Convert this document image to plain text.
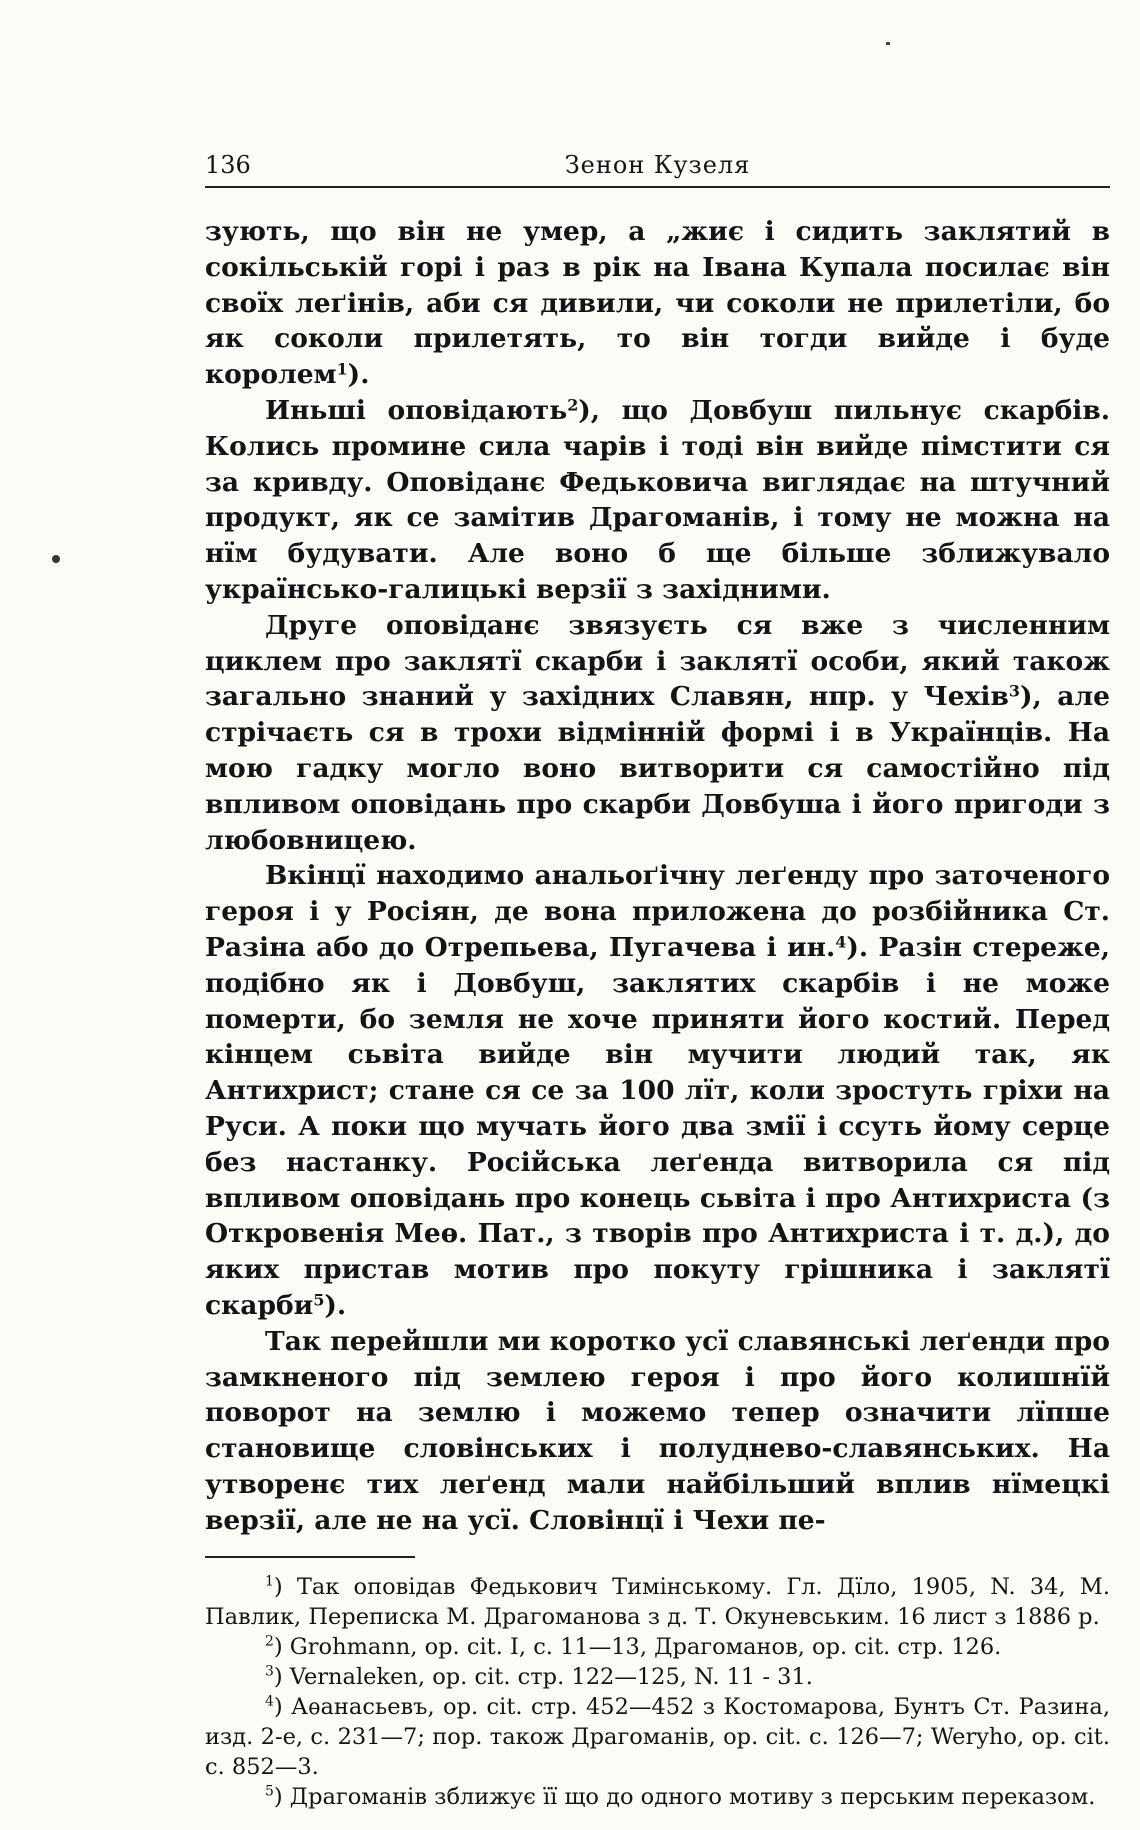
136	Зенон Кузеля

зують, що він не умер, а „жиє і сидить заклятий в сокільській горі і раз в рік на Івана Купала посилає він своїх леґінів, аби ся дивили, чи соколи не прилетіли, бо як соколи прилетять, то він тогди вийде і буде королем$^1$).

Иньші оповідають$^2$), що Довбуш пильнує скарбів. Колись промине сила чарів і тоді він вийде пімстити ся за кривду. Оповіданє Федьковича виглядає на штучний продукт, як се замітив Драгоманів, і тому не можна на нїм будувати. Але воно б ще більше зближувало українсько-галицькі верзії з західними.

Друге оповіданє звязуєть ся вже з численним циклем про заклятї скарби і заклятї особи, який також загально знаний у західних Славян, нпр. у Чехів$^3$), але стрічаєть ся в трохи відмінній формі і в Українців. На мою гадку могло воно витворити ся самостійно під впливом оповідань про скарби Довбуша і його пригоди з любовницею.

Вкінцї находимо анальоґічну леґенду про заточеного героя і у Росіян, де вона приложена до розбійника Ст. Разіна або до Отрепьева, Пугачева і ин.$^4$). Разін стереже, подібно як і Довбуш, заклятих скарбів і не може померти, бо земля не хоче приняти його костий. Перед кінцем сьвіта вийде він мучити людий так, як Антихрист; стане ся се за 100 лїт, коли зростуть гріхи на Руси. А поки що мучать його два змії і ссуть йому серце без настанку. Російська леґенда витворила ся під впливом оповідань про конець сьвіта і про Антихриста (з Откровенія Меѳ. Пат., з творів про Антихриста і т. д.), до яких пристав мотив про покуту грішника і заклятї скарби$^5$).

Так перейшли ми коротко усї славянські леґенди про замкненого під землею героя і про його колишнїй поворот на землю і можемо тепер означити лїпше становище словінських і полуднево-славянських. На утворенє тих леґенд мали найбільший вплив нїмецкі верзії, але не на усї. Словінцї і Чехи пе-

$^1$) Так оповідав Федькович Тимінському. Гл. Дїло, 1905, N. 34, М. Павлик, Переписка М. Драгоманова з д. Т. Окуневським. 16 лист з 1886 р.

$^2$) Grohmann, op. cit. I, c. 11—13, Драгоманов, op. cit. стр. 126.

$^3$) Vernaleken, op. cit. стр. 122—125, N. 11 - 31.

$^4$) Аѳанасьевъ, op. cit. стр. 452—452 з Костомарова, Бунтъ Ст. Разина, изд. 2-е, с. 231—7; пор. також Драгоманів, op. cit. c. 126—7; Weryho, op. cit. c. 852—3.

$^5$) Драгоманів зближує її що до одного мотиву з перським переказом.
